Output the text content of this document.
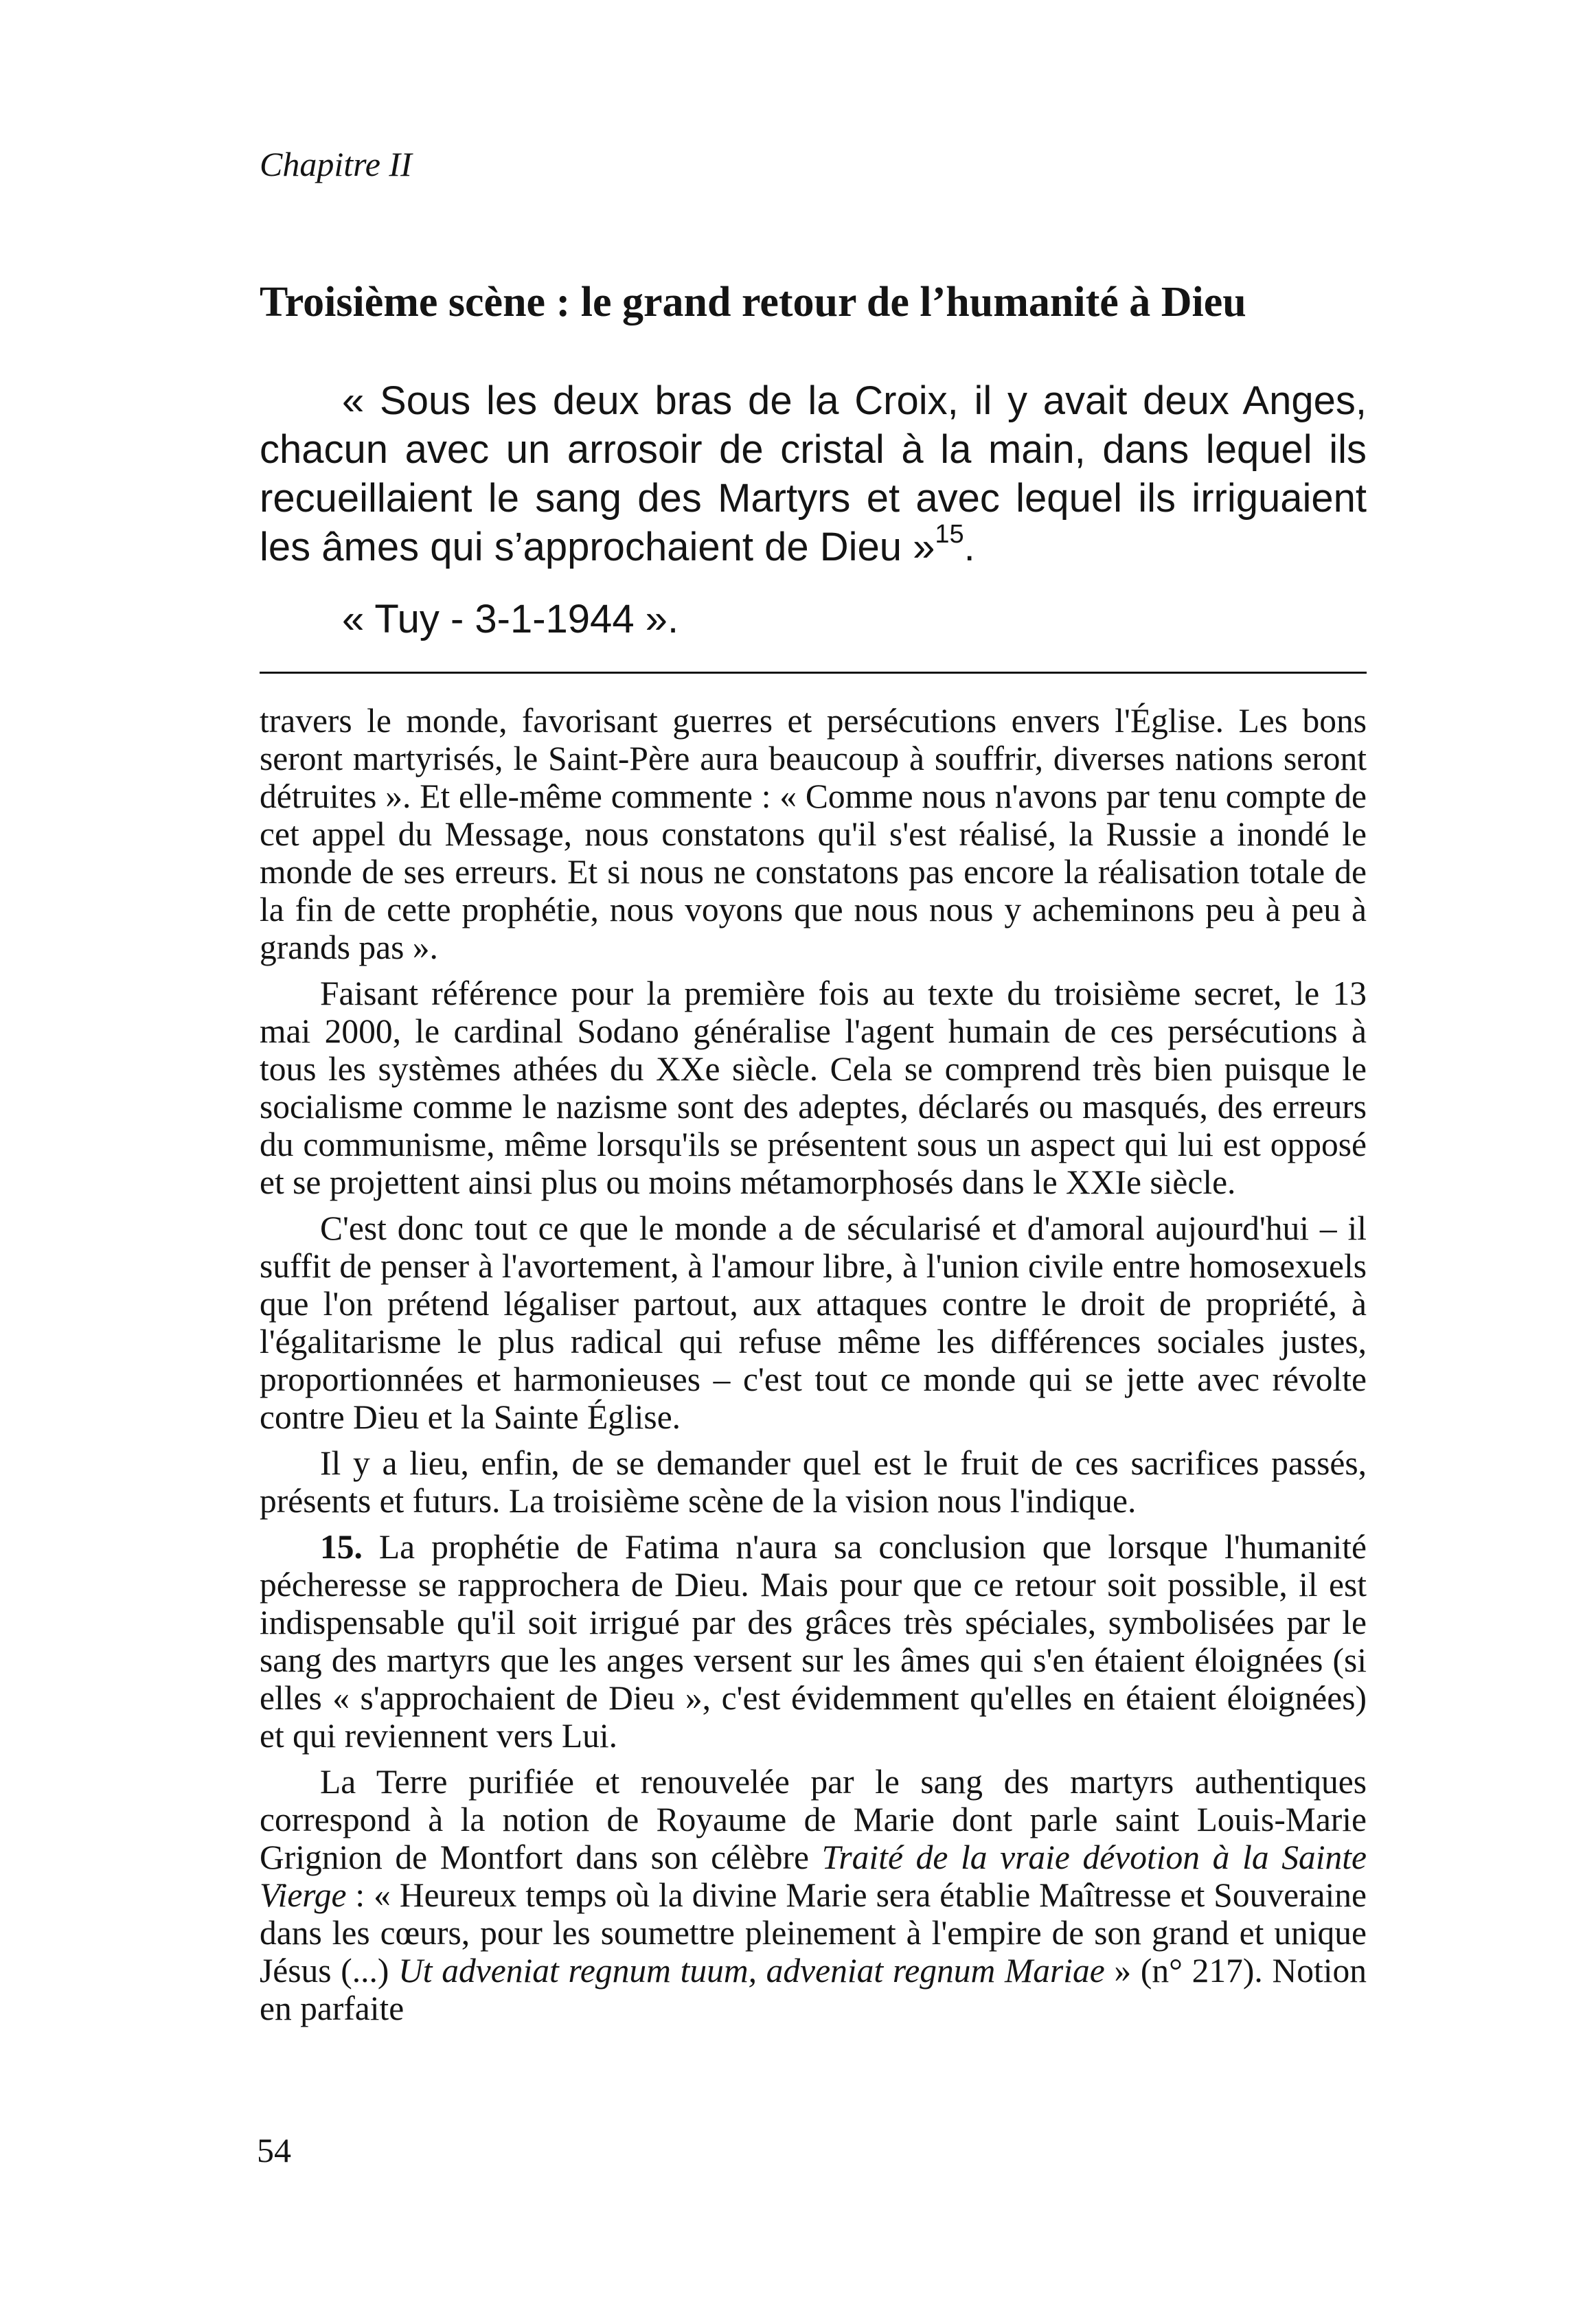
Chapitre II
Troisième scène : le grand retour de l’humanité à Dieu

« Sous les deux bras de la Croix, il y avait deux Anges, chacun avec un arrosoir de cristal à la main, dans lequel ils recueillaient le sang des Martyrs et avec lequel ils irriguaient les âmes qui s’approchaient de Dieu »$^{15}$.

« Tuy - 3-1-1944 ».

travers le monde, favorisant guerres et persécutions envers l'Église. Les bons seront martyrisés, le Saint-Père aura beaucoup à souffrir, diverses nations seront détruites ». Et elle-même commente : « Comme nous n'avons par tenu compte de cet appel du Message, nous constatons qu'il s'est réalisé, la Russie a inondé le monde de ses erreurs. Et si nous ne constatons pas encore la réalisation totale de la fin de cette prophétie, nous voyons que nous nous y acheminons peu à peu à grands pas ».

Faisant référence pour la première fois au texte du troisième secret, le 13 mai 2000, le cardinal Sodano généralise l'agent humain de ces persécutions à tous les systèmes athées du XXe siècle. Cela se comprend très bien puisque le socialisme comme le nazisme sont des adeptes, déclarés ou masqués, des erreurs du communisme, même lorsqu'ils se présentent sous un aspect qui lui est opposé et se projettent ainsi plus ou moins métamorphosés dans le XXIe siècle.

C'est donc tout ce que le monde a de sécularisé et d'amoral aujourd'hui – il suffit de penser à l'avortement, à l'amour libre, à l'union civile entre homosexuels que l'on prétend légaliser partout, aux attaques contre le droit de propriété, à l'égalitarisme le plus radical qui refuse même les différences sociales justes, proportionnées et harmonieuses – c'est tout ce monde qui se jette avec révolte contre Dieu et la Sainte Église.

Il y a lieu, enfin, de se demander quel est le fruit de ces sacrifices passés, présents et futurs. La troisième scène de la vision nous l'indique.

15. La prophétie de Fatima n'aura sa conclusion que lorsque l'humanité pécheresse se rapprochera de Dieu. Mais pour que ce retour soit possible, il est indispensable qu'il soit irrigué par des grâces très spéciales, symbolisées par le sang des martyrs que les anges versent sur les âmes qui s'en étaient éloignées (si elles « s'approchaient de Dieu », c'est évidemment qu'elles en étaient éloignées) et qui reviennent vers Lui.

La Terre purifiée et renouvelée par le sang des martyrs authentiques correspond à la notion de Royaume de Marie dont parle saint Louis-Marie Grignion de Montfort dans son célèbre Traité de la vraie dévotion à la Sainte Vierge : « Heureux temps où la divine Marie sera établie Maîtresse et Souveraine dans les cœurs, pour les soumettre pleinement à l'empire de son grand et unique Jésus (...) Ut adveniat regnum tuum, adveniat regnum Mariae » (n° 217). Notion en parfaite

54
